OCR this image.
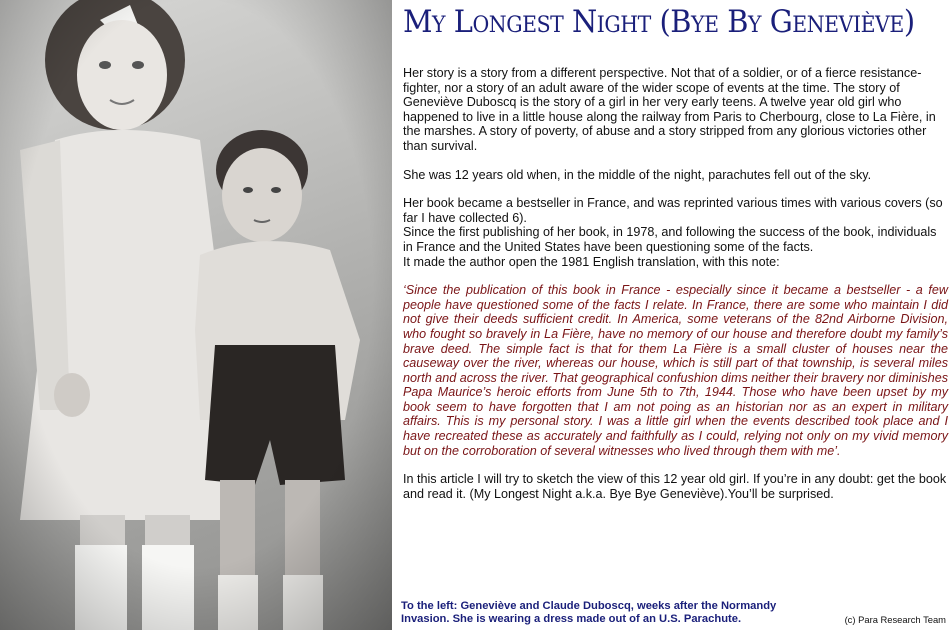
My Longest Night (Bye By Geneviève)

Her story is a story from a different perspective. Not that of a soldier, or of a fierce resistance-fighter, nor a story of an adult aware of the wider scope of events at the time. The story of Geneviève Duboscq is the story of a girl in her very early teens. A twelve year old girl who happened to live in a little house along the railway from Paris to Cherbourg, close to La Fière, in the marshes. A story of poverty, of abuse and a story stripped from any glorious victories other than survival.

She was 12 years old when, in the middle of the night, parachutes fell out of the sky.

Her book became a bestseller in France, and was reprinted various times with various covers (so far I have collected 6).

Since the first publishing of her book, in 1978, and following the success of the book, individuals in France and the United States have been questioning some of the facts.

It made the author open the 1981 English translation, with this note:

‘Since the publication of this book in France - especially since it became a bestseller - a few people have questioned some of the facts I relate. In France, there are some who maintain I did not give their deeds sufficient credit. In America, some veterans of the 82nd Airborne Division, who fought so bravely in La Fière, have no memory of our house and therefore doubt my family’s brave deed. The simple fact is that for them La Fière is a small cluster of houses near the causeway over the river, whereas our house, which is still part of that township, is several miles north and across the river. That geographical confushion dims neither their bravery nor diminishes Papa Maurice’s heroic efforts from June 5th to 7th, 1944. Those who have been upset by my book seem to have forgotten that I am not poing as an historian nor as an expert in military affairs. This is my personal story. I was a little girl when the events described took place and I have recreated these as accurately and faithfully as I could, relying not only on my vivid memory but on the corroboration of several witnesses who lived through them with me’.

In this article I will try to sketch the view of this 12 year old girl. If you’re in any doubt: get the book and read it. (My Longest Night a.k.a. Bye Bye Geneviève).You’ll be surprised.

To the left: Geneviève and Claude Duboscq, weeks after the Normandy
Invasion. She is wearing a dress made out of an U.S. Parachute.	(c) Para Research Team
